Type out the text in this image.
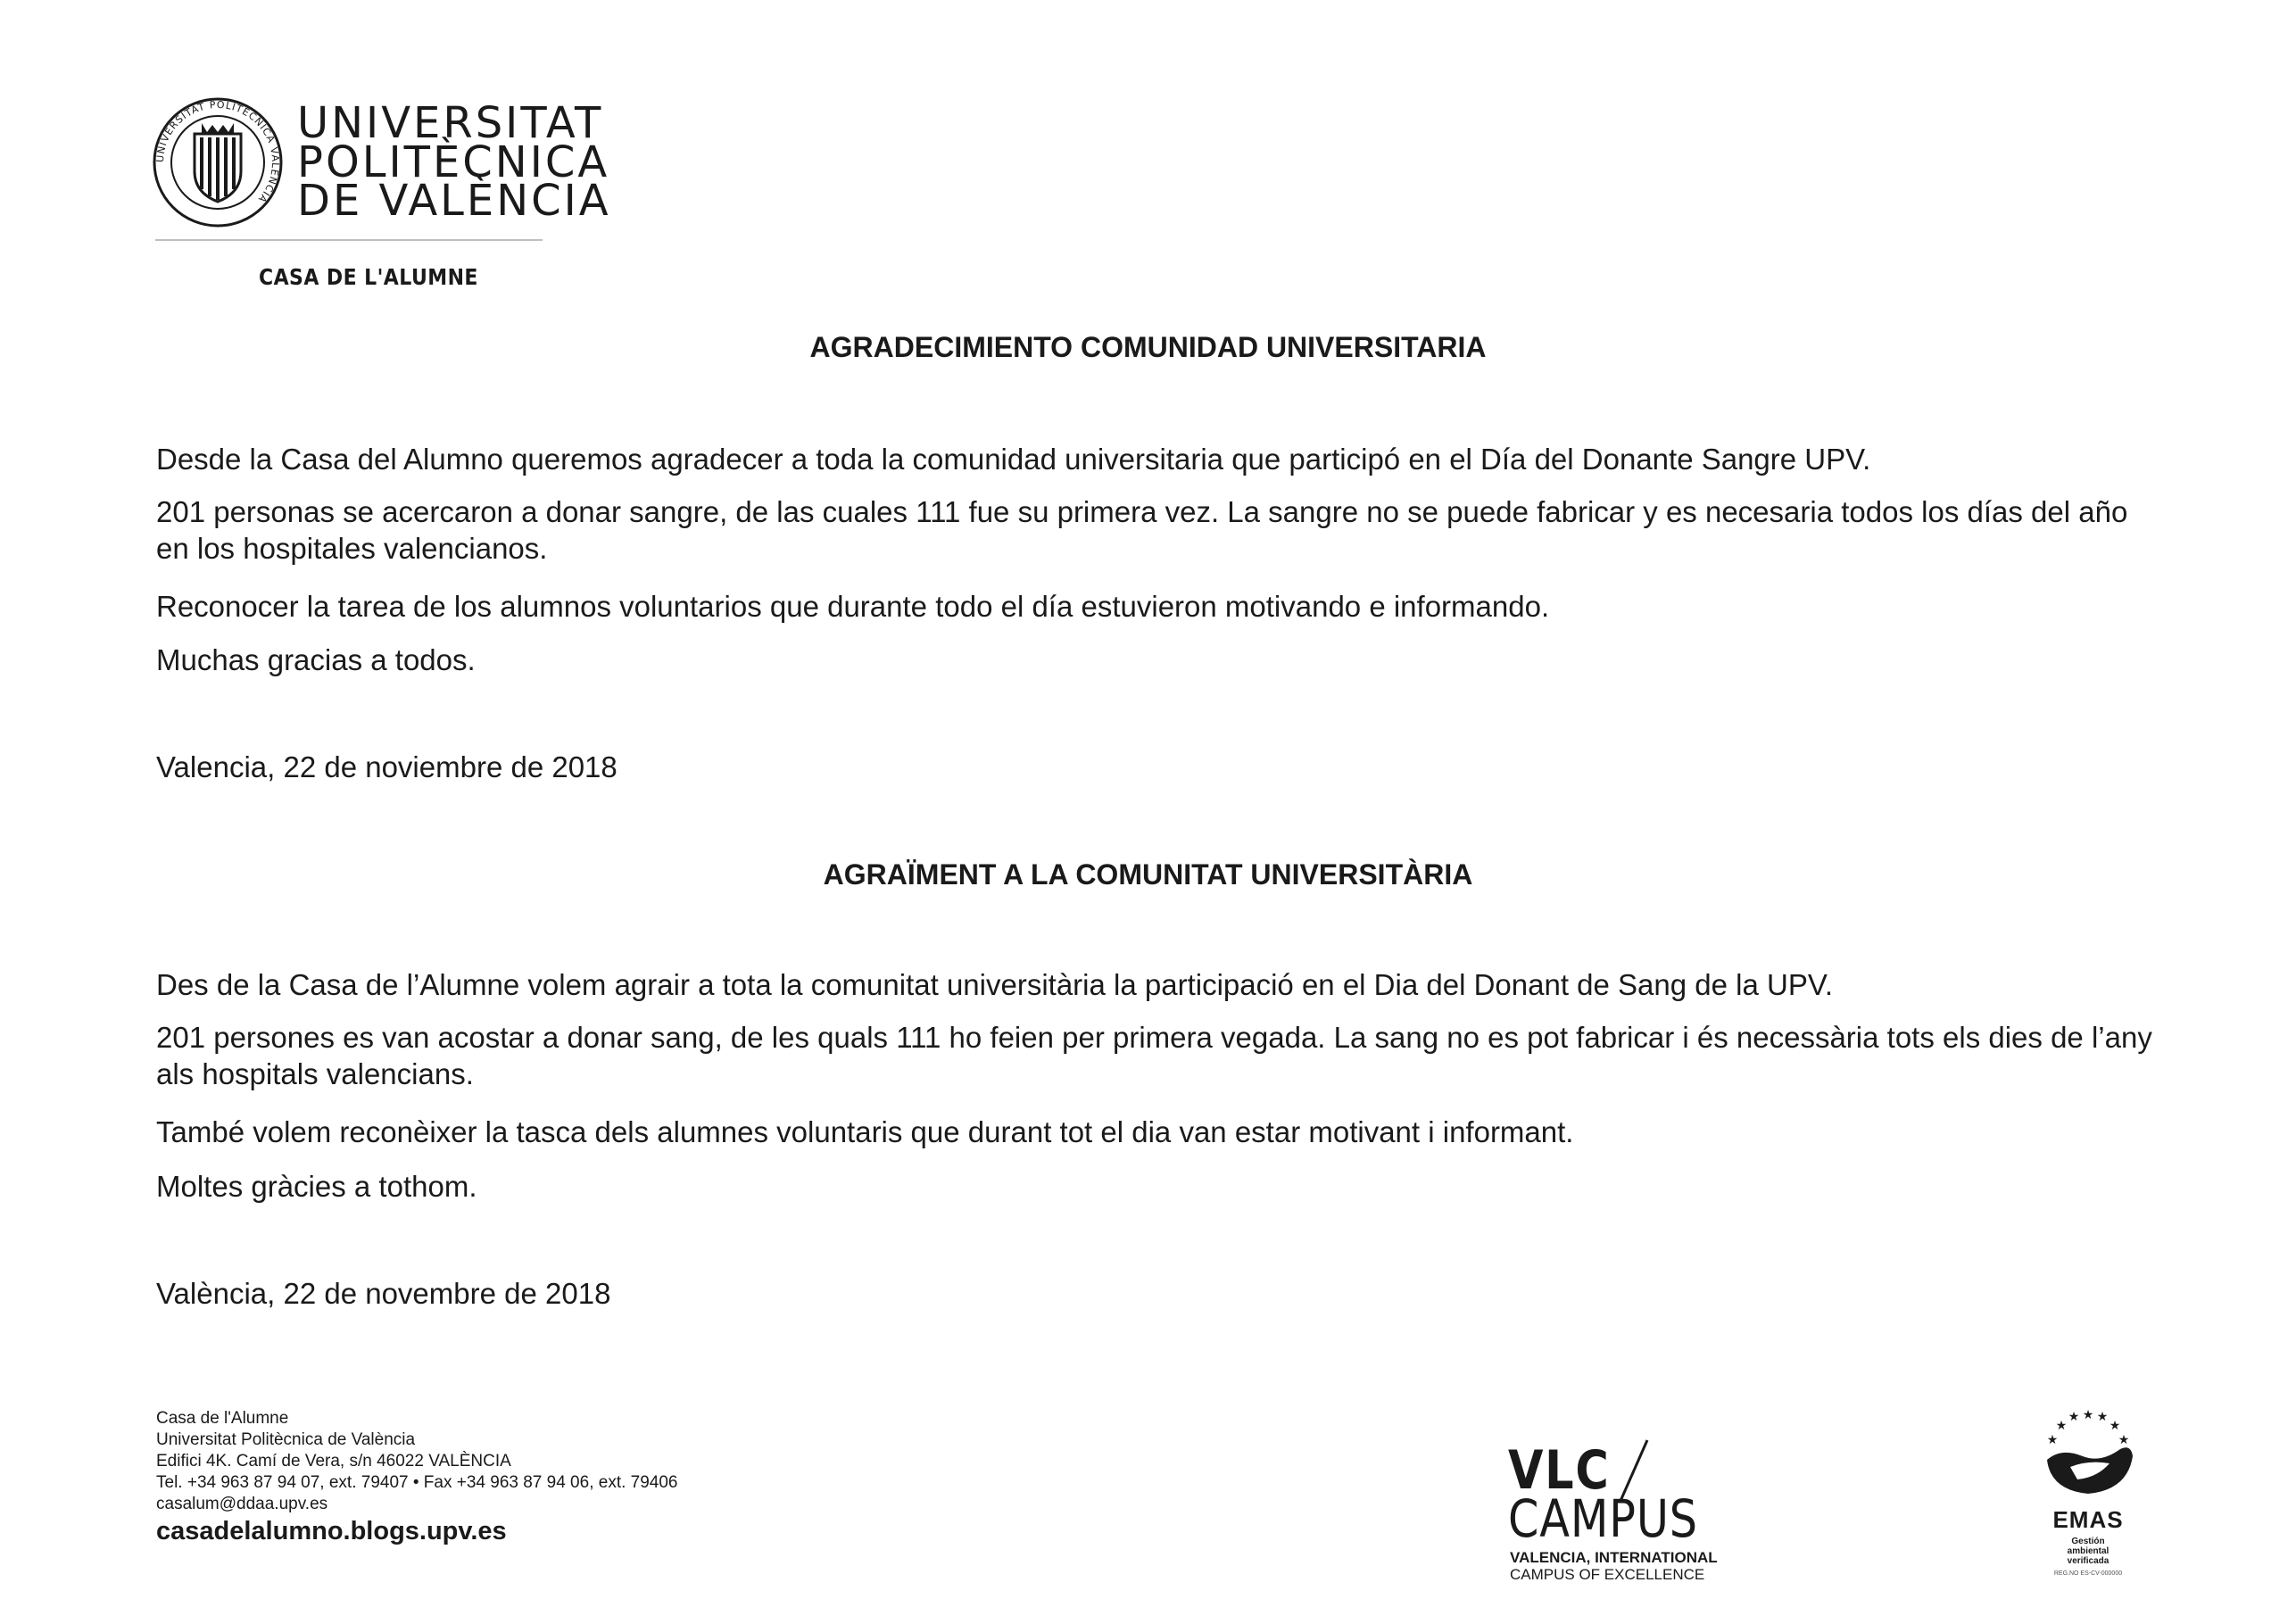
UNIVERSITAT POLITÈCNICA VALÈNCIA
UNIVERSITAT
POLITÈCNICA
DE VALÈNCIA
CASA DE L'ALUMNE
AGRADECIMIENTO COMUNIDAD UNIVERSITARIA
Desde la Casa del Alumno queremos agradecer a toda la comunidad universitaria que participó en el Día del Donante Sangre UPV.
201 personas se acercaron a donar sangre, de las cuales 111 fue su primera vez. La sangre no se puede fabricar y es necesaria todos los días del año en los hospitales valencianos.
Reconocer la tarea de los alumnos voluntarios que durante todo el día estuvieron motivando e informando.
Muchas gracias a todos.
Valencia, 22 de noviembre de 2018
AGRAÏMENT A LA COMUNITAT UNIVERSITÀRIA
Des de la Casa de l’Alumne volem agrair a tota la comunitat universitària la participació en el Dia del Donant de Sang de la UPV.
201 persones es van acostar a donar sang, de les quals 111 ho feien per primera vegada. La sang no es pot fabricar i és necessària tots els dies de l’any als hospitals valencians.
També volem reconèixer la tasca dels alumnes voluntaris que durant tot el dia van estar motivant i informant.
Moltes gràcies a tothom.
València, 22 de novembre de 2018
Casa de l'Alumne
Universitat Politècnica de València
Edifici 4K. Camí de Vera, s/n 46022 VALÈNCIA
Tel. +34 963 87 94 07, ext. 79407 • Fax +34 963 87 94 06, ext. 79406
casalum@ddaa.upv.es
casadelalumno.blogs.upv.es
VLC
CAMPUS
VALENCIA, INTERNATIONAL
CAMPUS OF EXCELLENCE
★
★ ★
★	★
★	★
EMAS
Gestión
ambiental
verificada
REG.NO ES-CV-000000
